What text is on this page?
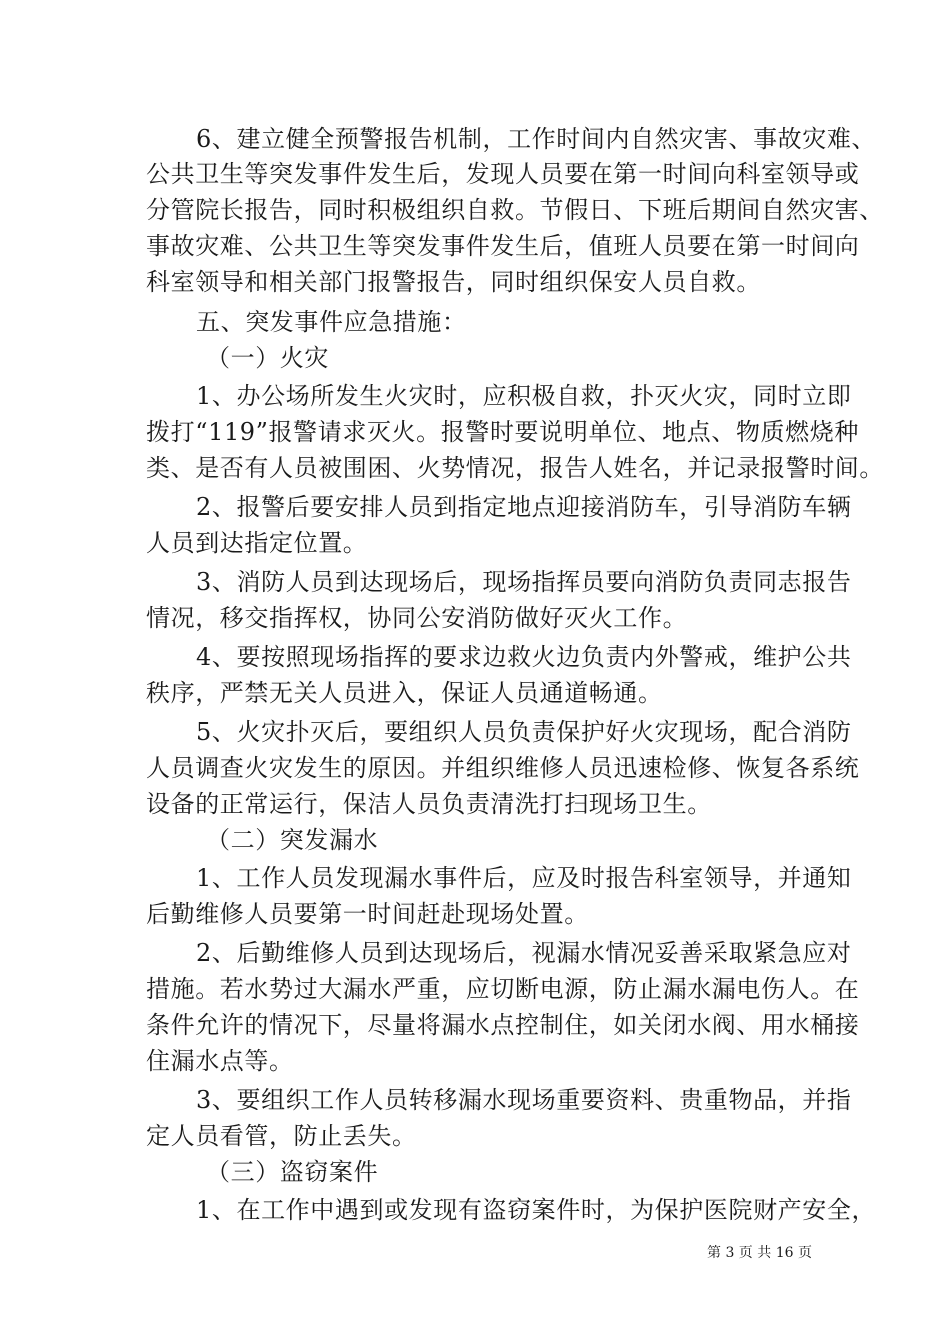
6、建立健全预警报告机制，工作时间内自然灾害、事故灾难、
公共卫生等突发事件发生后，发现人员要在第一时间向科室领导或
分管院长报告，同时积极组织自救。节假日、下班后期间自然灾害、
事故灾难、公共卫生等突发事件发生后，值班人员要在第一时间向
科室领导和相关部门报警报告，同时组织保安人员自救。
五、突发事件应急措施：
（一）火灾
1、办公场所发生火灾时，应积极自救，扑灭火灾，同时立即
拨打“119”报警请求灭火。报警时要说明单位、地点、物质燃烧种
类、是否有人员被围困、火势情况，报告人姓名，并记录报警时间。
2、报警后要安排人员到指定地点迎接消防车，引导消防车辆
人员到达指定位置。
3、消防人员到达现场后，现场指挥员要向消防负责同志报告
情况，移交指挥权，协同公安消防做好灭火工作。
4、要按照现场指挥的要求边救火边负责内外警戒，维护公共
秩序，严禁无关人员进入，保证人员通道畅通。
5、火灾扑灭后，要组织人员负责保护好火灾现场，配合消防
人员调查火灾发生的原因。并组织维修人员迅速检修、恢复各系统
设备的正常运行，保洁人员负责清洗打扫现场卫生。
（二）突发漏水
1、工作人员发现漏水事件后，应及时报告科室领导，并通知
后勤维修人员要第一时间赶赴现场处置。
2、后勤维修人员到达现场后，视漏水情况妥善采取紧急应对
措施。若水势过大漏水严重，应切断电源，防止漏水漏电伤人。在
条件允许的情况下，尽量将漏水点控制住，如关闭水阀、用水桶接
住漏水点等。
3、要组织工作人员转移漏水现场重要资料、贵重物品，并指
定人员看管，防止丢失。
（三）盗窃案件
1、在工作中遇到或发现有盗窃案件时，为保护医院财产安全，
第 3 页 共 16 页
